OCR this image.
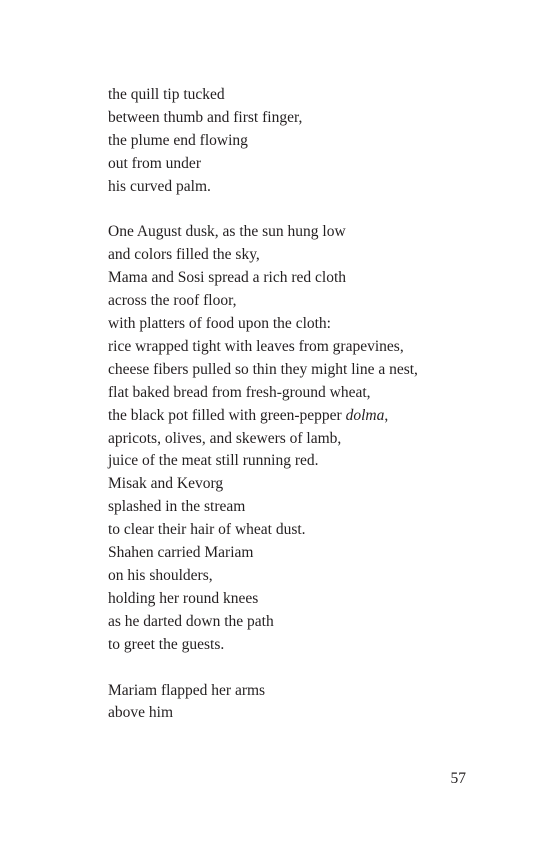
the quill tip tucked
between thumb and first finger,
the plume end flowing
out from under
his curved palm.
One August dusk, as the sun hung low
and colors filled the sky,
Mama and Sosi spread a rich red cloth
across the roof floor,
with platters of food upon the cloth:
rice wrapped tight with leaves from grapevines,
cheese fibers pulled so thin they might line a nest,
flat baked bread from fresh-ground wheat,
the black pot filled with green-pepper dolma,
apricots, olives, and skewers of lamb,
juice of the meat still running red.
Misak and Kevorg
splashed in the stream
to clear their hair of wheat dust.
Shahen carried Mariam
on his shoulders,
holding her round knees
as he darted down the path
to greet the guests.
Mariam flapped her arms
above him
57
